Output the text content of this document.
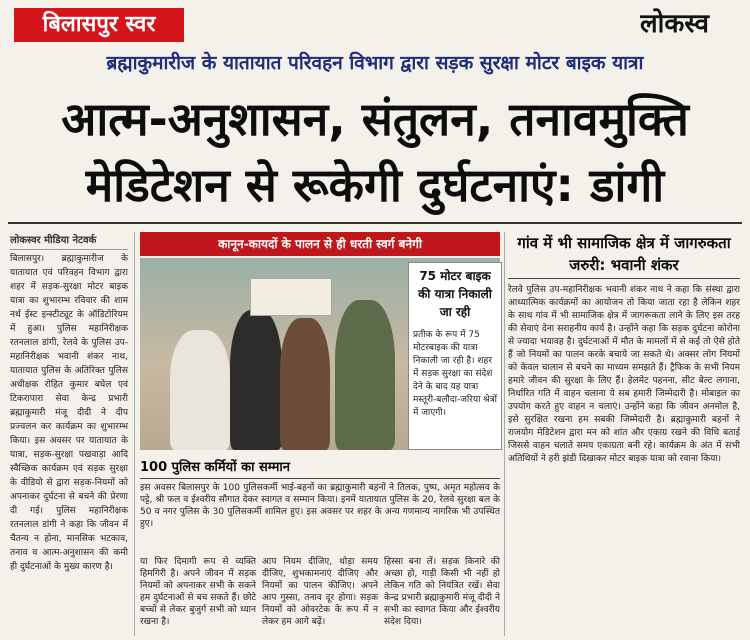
बिलासपुर स्वर	लोकस्व
ब्रह्माकुमारीज के यातायात परिवहन विभाग द्वारा सड़क सुरक्षा मोटर बाइक यात्रा
आत्म-अनुशासन, संतुलन, तनावमुक्ति
मेडिटेशन से रूकेगी दुर्घटनाएं: डांगी
लोकस्वर मीडिया नेटवर्क
बिलासपुर। ब्रह्माकुमारीज के यातायात एवं परिवहन विभाग द्वारा शहर में सड़क-सुरक्षा मोटर बाइक यात्रा का शुभारम्भ रविवार की शाम नर्थ ईस्ट इन्स्टीट्यूट के ऑडिटोरियम में हुआ। पुलिस महानिरीक्षक रतनलाल डांगी, रेलवे के पुलिस उप-महानिरीक्षक भवानी शंकर नाथ, यातायात पुलिस के अतिरिक्त पुलिस अधीक्षक रोहित कुमार बघेल एवं टिकरापारा सेवा केन्द्र प्रभारी ब्रह्माकुमारी मंजू दीदी ने दीप प्रज्वलन कर कार्यक्रम का शुभारम्भ किया। इस अवसर पर यातायात के यात्रा, सड़क-सुरक्षा पखवाड़ा आदि स्वैच्छिक कार्यक्रम एवं सड़क सुरक्षा के वीडियो से द्वारा सड़क-नियमों को अपनाकर दुर्घटना से बचने की प्रेरणा दी गई। पुलिस महानिरीक्षक रतनलाल डांगी ने कहा कि जीवन में चैतन्य न होना, मानसिक भटकाव, तनाव व आत्म-अनुशासन की कमी ही दुर्घटनाओं के मुख्य कारण है।
कानून-कायदों के पालन से ही धरती स्वर्ग बनेगी
75 मोटर बाइक की यात्रा निकाली जा रही
प्रतीक के रूप में 75 मोटरबाइक की यात्रा निकाली जा रही है। शहर में सड़क सुरक्षा का संदेश देने के बाद यह यात्रा मस्तूरी-बलौदा-जरिया श्रेत्रों में जाएगी।
100 पुलिस कर्मियों का सम्मान
इस अवसर बिलासपुर के 100 पुलिसकर्मी भाई-बहनों का ब्रह्माकुमारी बहनों ने तिलक, पुष्प, अमृत महोत्सव के पट्टे, श्री फल व ईश्वरीय सौगात देकर स्वागत व सम्मान किया। इनमें यातायात पुलिस के 20, रेलवे सुरक्षा बल के 50 व नगर पुलिस के 30 पुलिसकर्मी शामिल हुए। इस अवसर पर शहर के अन्य गणमान्य नागरिक भी उपस्थित हुए।
या फिर दिमागी रूप से व्यक्ति हिमगिरी है। अपने जीवन में सड़क नियमों को अपनाकर सभी के सकने हम दुर्घटनाओं से बच सकते हैं। छोटे बच्चों से लेकर बुजुर्ग सभी को ध्यान रखना है।
आप नियम दीजिए, थोड़ा समय दीजिए, शुभकामनाएं दीजिए और नियमों का पालन कीजिए। अपने आप गुस्सा, तनाव दूर होगा। सड़क नियमों को ओवरटेक के रूप में न लेकर हम आगे बढ़ें।
हिस्सा बना लें। सड़क किनारे की अच्छा हो, गाड़ी किसी भी नहीं हो लेकिन गति को नियंत्रित रखें। सेवा केन्द्र प्रभारी ब्रह्माकुमारी मंजू दीदी ने सभी का स्वागत किया और ईश्वरीय संदेश दिया।
गांव में भी सामाजिक क्षेत्र में जागरुकता जरुरी: भवानी शंकर
रेलवे पुलिस उप-महानिरीक्षक भवानी शंकर नाथ ने कहा कि संस्था द्वारा आध्यात्मिक कार्यक्रमों का आयोजन तो किया जाता रहा है लेकिन शहर के साथ गांव में भी सामाजिक क्षेत्र में जागरूकता लाने के लिए इस तरह की सेवाएं देना सराहनीय कार्य है। उन्होंने कहा कि सड़क दुर्घटना कोरोना से ज्यादा भयावह है। दुर्घटनाओं में मौत के मामलों में से कई तो ऐसे होते हैं जो नियमों का पालन करके बचाये जा सकते थे। अक्सर लोग नियमों को केवल चालान से बचने का माध्यम समझते हैं। ट्रैफिक के सभी नियम हमारे जीवन की सुरक्षा के लिए हैं। हेलमेट पहनना, सीट बेल्ट लगाना, निर्धारित गति में वाहन चलाना ये सब हमारी जिम्मेदारी है। मोबाइल का उपयोग करते हुए वाहन न चलाएं। उन्होंने कहा कि जीवन अनमोल है, इसे सुरक्षित रखना हम सबकी जिम्मेदारी है। ब्रह्माकुमारी बहनों ने राजयोग मेडिटेशन द्वारा मन को शांत और एकाग्र रखने की विधि बताई जिससे वाहन चलाते समय एकाग्रता बनी रहे। कार्यक्रम के अंत में सभी अतिथियों ने हरी झंडी दिखाकर मोटर बाइक यात्रा को रवाना किया।
